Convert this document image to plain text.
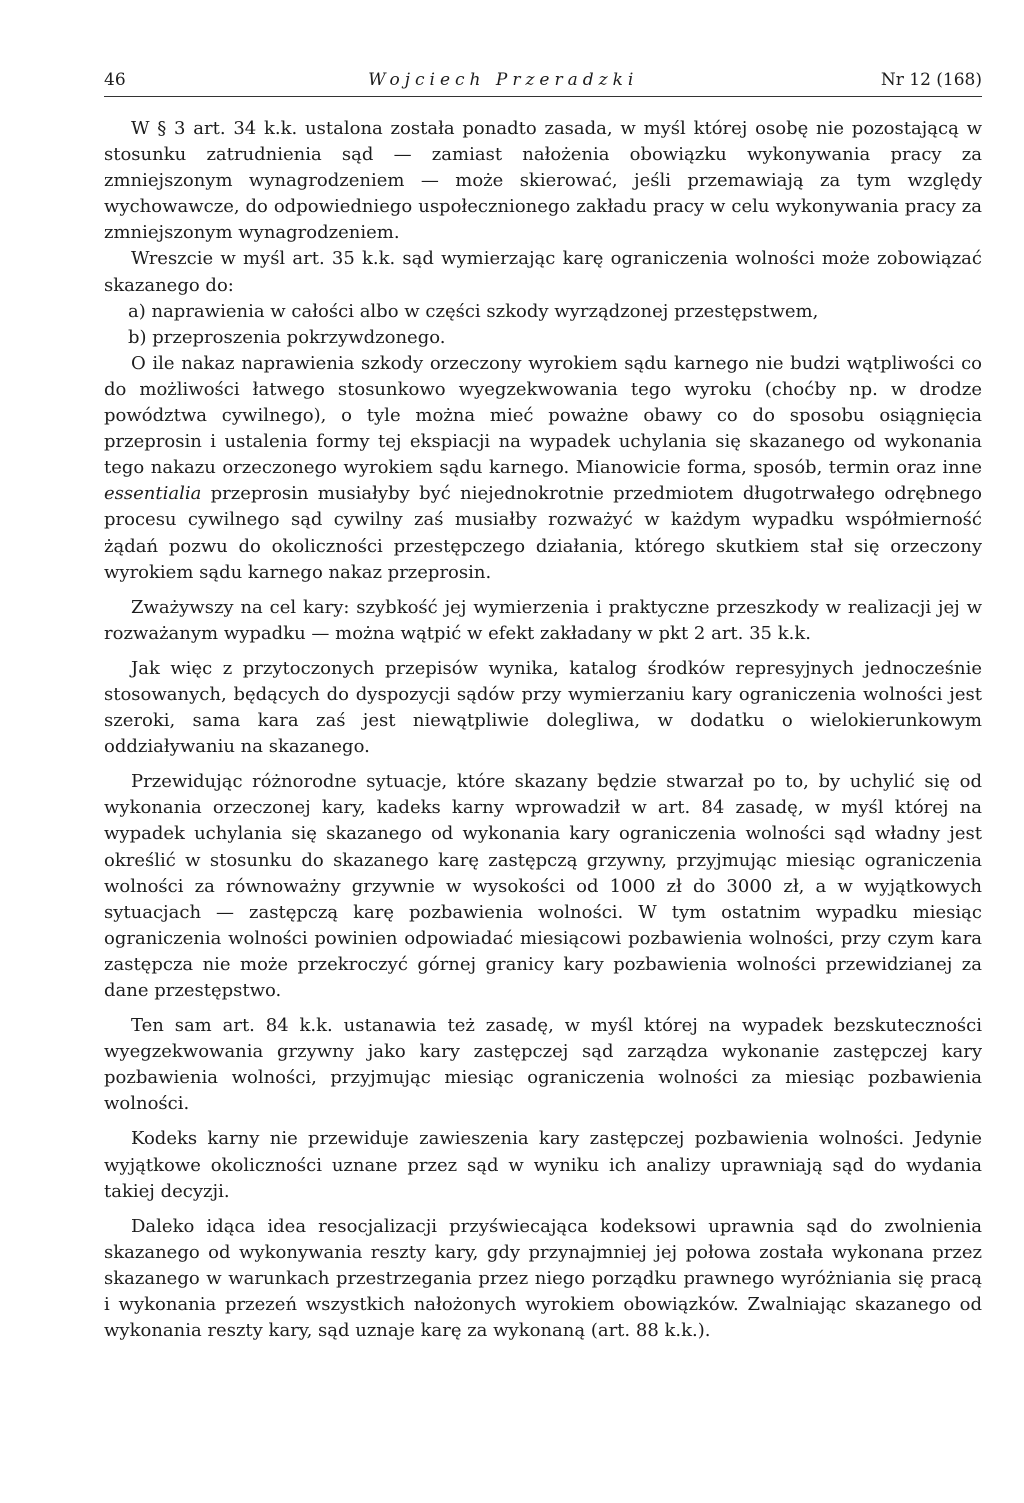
46	Wojciech Przeradzki	Nr 12 (168)

W § 3 art. 34 k.k. ustalona została ponadto zasada, w myśl której osobę nie pozostającą w stosunku zatrudnienia sąd — zamiast nałożenia obowiązku wykonywania pracy za zmniejszonym wynagrodzeniem — może skierować, jeśli przemawiają za tym względy wychowawcze, do odpowiedniego uspołecznionego zakładu pracy w celu wykonywania pracy za zmniejszonym wynagrodzeniem.

Wreszcie w myśl art. 35 k.k. sąd wymierzając karę ograniczenia wolności może zobowiązać skazanego do:

a) naprawienia w całości albo w części szkody wyrządzonej przestępstwem,

b) przeproszenia pokrzywdzonego.

O ile nakaz naprawienia szkody orzeczony wyrokiem sądu karnego nie budzi wątpliwości co do możliwości łatwego stosunkowo wyegzekwowania tego wyroku (choćby np. w drodze powództwa cywilnego), o tyle można mieć poważne obawy co do sposobu osiągnięcia przeprosin i ustalenia formy tej ekspiacji na wypadek uchylania się skazanego od wykonania tego nakazu orzeczonego wyrokiem sądu karnego. Mianowicie forma, sposób, termin oraz inne essentialia przeprosin musiałyby być niejednokrotnie przedmiotem długotrwałego odrębnego procesu cywilnego sąd cywilny zaś musiałby rozważyć w każdym wypadku współmierność żądań pozwu do okoliczności przestępczego działania, którego skutkiem stał się orzeczony wyrokiem sądu karnego nakaz przeprosin.

Zważywszy na cel kary: szybkość jej wymierzenia i praktyczne przeszkody w realizacji jej w rozważanym wypadku — można wątpić w efekt zakładany w pkt 2 art. 35 k.k.

Jak więc z przytoczonych przepisów wynika, katalog środków represyjnych jednocześnie stosowanych, będących do dyspozycji sądów przy wymierzaniu kary ograniczenia wolności jest szeroki, sama kara zaś jest niewątpliwie dolegliwa, w dodatku o wielokierunkowym oddziaływaniu na skazanego.

Przewidując różnorodne sytuacje, które skazany będzie stwarzał po to, by uchylić się od wykonania orzeczonej kary, kadeks karny wprowadził w art. 84 zasadę, w myśl której na wypadek uchylania się skazanego od wykonania kary ograniczenia wolności sąd władny jest określić w stosunku do skazanego karę zastępczą grzywny, przyjmując miesiąc ograniczenia wolności za równoważny grzywnie w wysokości od 1000 zł do 3000 zł, a w wyjątkowych sytuacjach — zastępczą karę pozbawienia wolności. W tym ostatnim wypadku miesiąc ograniczenia wolności powinien odpowiadać miesiącowi pozbawienia wolności, przy czym kara zastępcza nie może przekroczyć górnej granicy kary pozbawienia wolności przewidzianej za dane przestępstwo.

Ten sam art. 84 k.k. ustanawia też zasadę, w myśl której na wypadek bezskuteczności wyegzekwowania grzywny jako kary zastępczej sąd zarządza wykonanie zastępczej kary pozbawienia wolności, przyjmując miesiąc ograniczenia wolności za miesiąc pozbawienia wolności.

Kodeks karny nie przewiduje zawieszenia kary zastępczej pozbawienia wolności. Jedynie wyjątkowe okoliczności uznane przez sąd w wyniku ich analizy uprawniają sąd do wydania takiej decyzji.

Daleko idąca idea resocjalizacji przyświecająca kodeksowi uprawnia sąd do zwolnienia skazanego od wykonywania reszty kary, gdy przynajmniej jej połowa została wykonana przez skazanego w warunkach przestrzegania przez niego porządku prawnego wyróżniania się pracą i wykonania przezeń wszystkich nałożonych wyrokiem obowiązków. Zwalniając skazanego od wykonania reszty kary, sąd uznaje karę za wykonaną (art. 88 k.k.).
